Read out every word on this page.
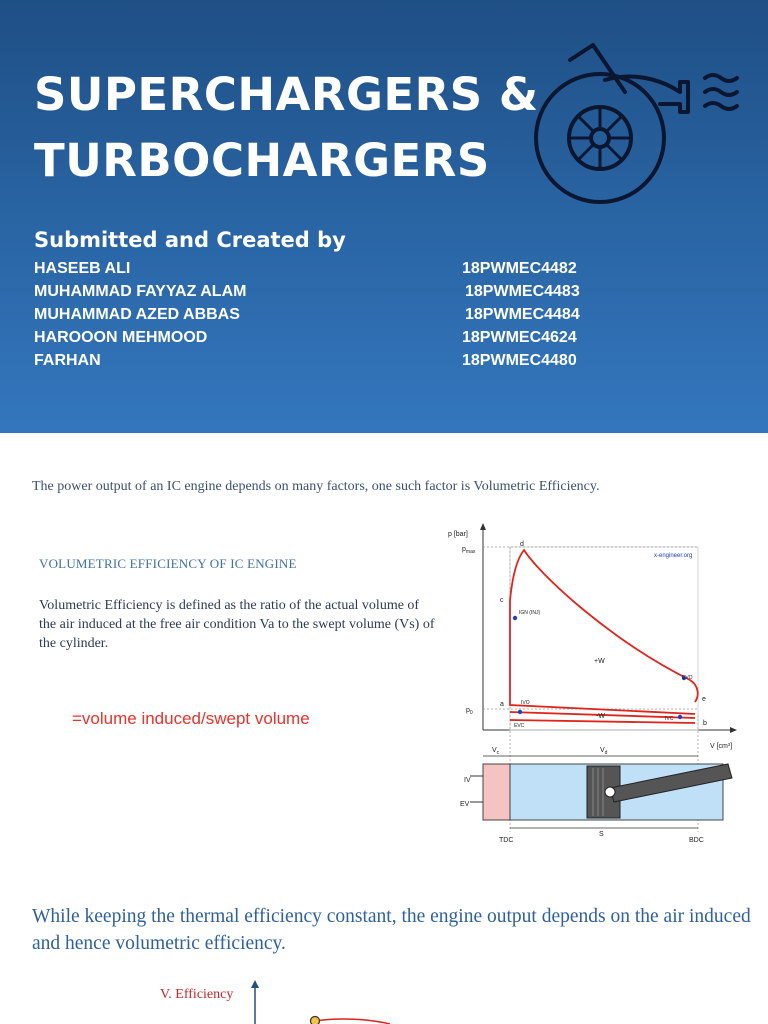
SUPERCHARGERS &
TURBOCHARGERS
Submitted and Created by
HASEEB ALI	18PWMEC4482
MUHAMMAD FAYYAZ ALAM	18PWMEC4483
MUHAMMAD AZED ABBAS	18PWMEC4484
HAROOON MEHMOOD	18PWMEC4624
FARHAN	18PWMEC4480
The power output of an IC engine depends on many factors, one such factor is Volumetric Efficiency.
VOLUMETRIC EFFICIENCY OF IC ENGINE
Volumetric Efficiency is defined as the ratio of the actual volume of the air induced at the free air condition Va to the swept volume (Vs) of the cylinder.
=volume induced/swept volume
p [bar]
$p_{max}$
$p_0$
V [cm³]
x-engineer.org
d
c
a
b
e
IGN (INJ)
EVO
IVO
EVC
IVC
+W
-W
$V_c$	$V_d$
IV
EV
S
TDC	BDC
While keeping the thermal efficiency constant, the engine output depends on the air induced and hence volumetric efficiency.
V. Efficiency
